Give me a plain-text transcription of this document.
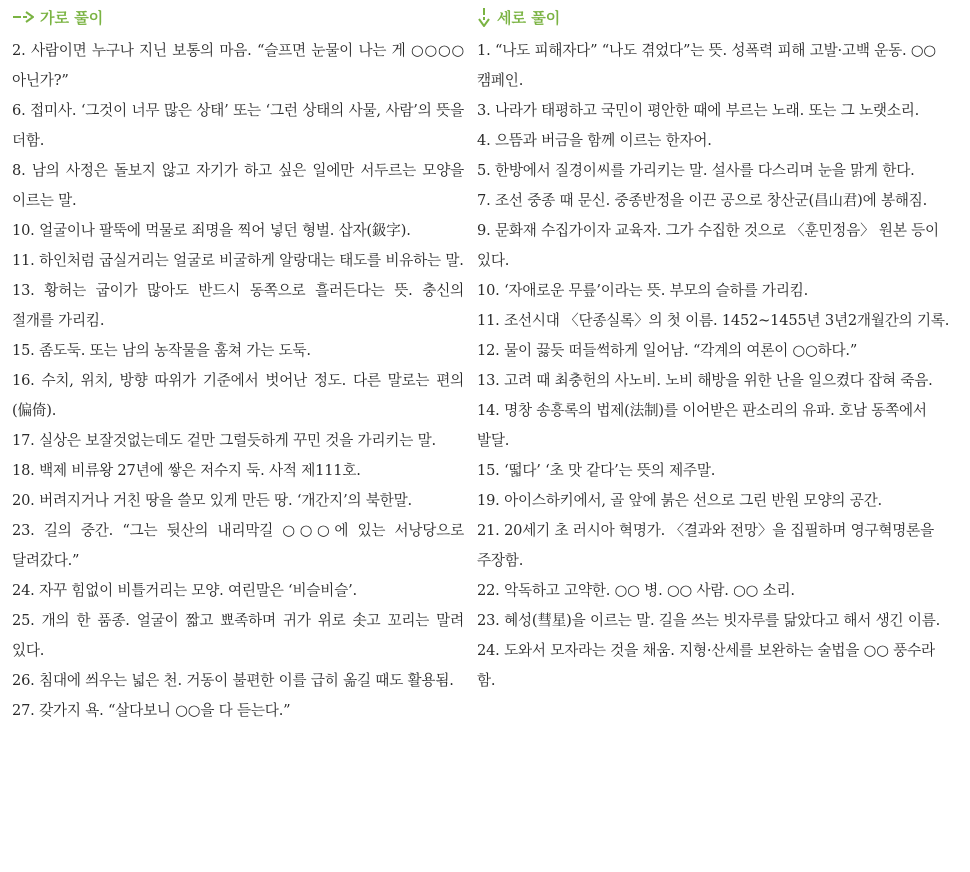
가로 풀이
2. 사람이면 누구나 지닌 보통의 마음. “슬프면 눈물이 나는 게 ○○○○ 아닌가?”
6. 접미사. ‘그것이 너무 많은 상태’ 또는 ‘그런 상태의 사물, 사람’의 뜻을 더함.
8. 남의 사정은 돌보지 않고 자기가 하고 싶은 일에만 서두르는 모양을 이르는 말.
10. 얼굴이나 팔뚝에 먹물로 죄명을 찍어 넣던 형벌. 삽자(鈒字).
11. 하인처럼 굽실거리는 얼굴로 비굴하게 알랑대는 태도를 비유하는 말.
13. 황허는 굽이가 많아도 반드시 동쪽으로 흘러든다는 뜻. 충신의 절개를 가리킴.
15. 좀도둑. 또는 남의 농작물을 훔쳐 가는 도둑.
16. 수치, 위치, 방향 따위가 기준에서 벗어난 정도. 다른 말로는 편의(偏倚).
17. 실상은 보잘것없는데도 겉만 그럴듯하게 꾸민 것을 가리키는 말.
18. 백제 비류왕 27년에 쌓은 저수지 둑. 사적 제111호.
20. 버려지거나 거친 땅을 쓸모 있게 만든 땅. ‘개간지’의 북한말.
23. 길의 중간. “그는 뒷산의 내리막길 ○○○에 있는 서낭당으로 달려갔다.”
24. 자꾸 힘없이 비틀거리는 모양. 여린말은 ‘비슬비슬’.
25. 개의 한 품종. 얼굴이 짧고 뾰족하며 귀가 위로 솟고 꼬리는 말려 있다.
26. 침대에 씌우는 넓은 천. 거동이 불편한 이를 급히 옮길 때도 활용됨.
27. 갖가지 욕. “살다보니 ○○을 다 듣는다.”
세로 풀이
1. “나도 피해자다” “나도 겪었다”는 뜻. 성폭력 피해 고발·고백 운동. ○○ 캠페인.
3. 나라가 태평하고 국민이 평안한 때에 부르는 노래. 또는 그 노랫소리.
4. 으뜸과 버금을 함께 이르는 한자어.
5. 한방에서 질경이씨를 가리키는 말. 설사를 다스리며 눈을 맑게 한다.
7. 조선 중종 때 문신. 중종반정을 이끈 공으로 창산군(昌山君)에 봉해짐.
9. 문화재 수집가이자 교육자. 그가 수집한 것으로 〈훈민정음〉 원본 등이 있다.
10. ‘자애로운 무릎’이라는 뜻. 부모의 슬하를 가리킴.
11. 조선시대 〈단종실록〉의 첫 이름. 1452~1455년 3년2개월간의 기록.
12. 물이 끓듯 떠들썩하게 일어남. “각계의 여론이 ○○하다.”
13. 고려 때 최충헌의 사노비. 노비 해방을 위한 난을 일으켰다 잡혀 죽음.
14. 명창 송흥록의 법제(法制)를 이어받은 판소리의 유파. 호남 동쪽에서 발달.
15. ‘떫다’ ‘초 맛 같다’는 뜻의 제주말.
19. 아이스하키에서, 골 앞에 붉은 선으로 그린 반원 모양의 공간.
21. 20세기 초 러시아 혁명가. 〈결과와 전망〉을 집필하며 영구혁명론을 주장함.
22. 악독하고 고약한. ○○ 병. ○○ 사람. ○○ 소리.
23. 혜성(彗星)을 이르는 말. 길을 쓰는 빗자루를 닮았다고 해서 생긴 이름.
24. 도와서 모자라는 것을 채움. 지형·산세를 보완하는 술법을 ○○ 풍수라 함.
